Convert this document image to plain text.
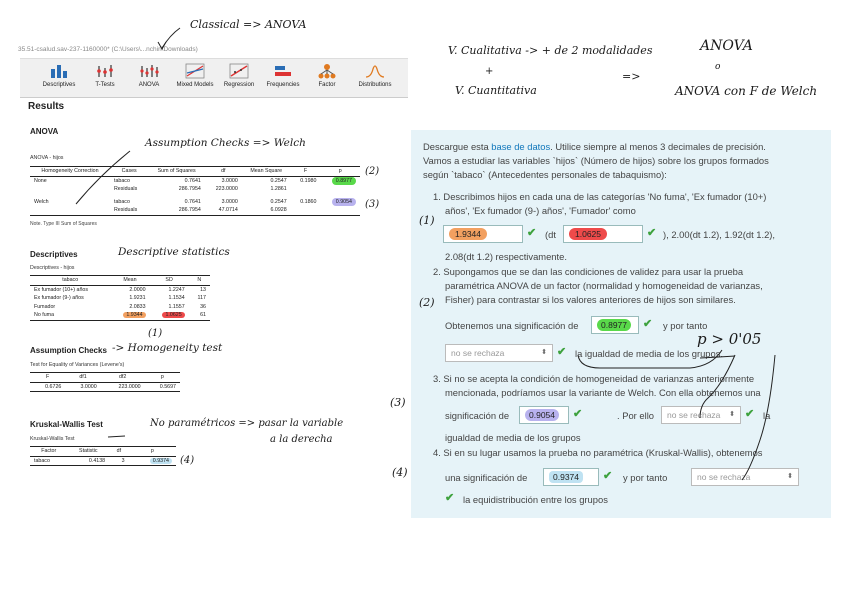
35.51-csalud.sav-237-1160000* (C:\Users\...nchiri\Downloads)
Descriptives	T-Tests	ANOVA	Mixed Models	Regression	Frequencies	Factor	Distributions
Results
ANOVA
ANOVA - hijos
Homogeneity Correction	Cases	Sum of Squares	df	Mean Square	F	p
None	tabaco	0.7641	3.0000	0.2547	0.1980	0.8977
	Residuals	286.7954	223.0000	1.2861		
Welch	tabaco	0.7641	3.0000	0.2547	0.1860	0.9054
	Residuals	286.7954	47.0714	6.0928		
Note. Type III Sum of Squares
Descriptives
Descriptives - hijos
tabaco	Mean	SD	N
Ex fumador (10+) años	2.0000	1.2247	13
Ex fumador (9-) años	1.9231	1.1534	117
Fumador	2.0833	1.1557	36
No fuma	1.9344	1.0625	61
Assumption Checks
Test for Equality of Variances (Levene's)
F	df1	df2	p
0.6726	3.0000	223.0000	0.5697
Kruskal-Wallis Test
Kruskal-Wallis Test
Factor	Statistic	df	p
tabaco	0.4138	3	0.9374
Classical => ANOVA
Assumption Checks => Welch
Descriptive statistics
-> Homogeneity test
No paramétricos => pasar la variable
a la derecha
(2)
(3)
(1)
(4)
V. Cualitativa -> + de 2 modalidades	ANOVA
+
V. Cuantitativa
=>
o
ANOVA con F de Welch
Descargue esta base de datos. Utilice siempre al menos 3 decimales de precisión.
Vamos a estudiar las variables `hijos` (Número de hijos) sobre los grupos formados
según `tabaco` (Antecedentes personales de tabaquismo):
1. Describimos hijos en cada una de las categorías 'No fuma', 'Ex fumador (10+)
años', 'Ex fumador (9-) años', 'Fumador' como
1.9344	✔ (dt	1.0625	✔ ), 2.00(dt 1.2), 1.92(dt 1.2),
2.08(dt 1.2) respectivamente.
2. Supongamos que se dan las condiciones de validez para usar la prueba
paramétrica ANOVA de un factor (normalidad y homogeneidad de varianzas,
Fisher) para contrastar si los valores anteriores de hijos son similares.
Obtenemos una significación de	0.8977	✔ y por tanto
no se rechaza	⬍ ✔ la igualdad de media de los grupos.
3. Si no se acepta la condición de homogeneidad de varianzas anteriormente
mencionada, podríamos usar la variante de Welch. Con ella obtenemos una
significación de	0.9054	✔	. Por ello	no se rechaza ⬍ ✔ la
igualdad de media de los grupos
4. Si en su lugar usamos la prueba no paramétrica (Kruskal-Wallis), obtenemos
una significación de	0.9374	✔ y por tanto	no se rechaza	⬍
✔ la equidistribución entre los grupos
(1)
(2)
(3)
(4)
p > 0'05
